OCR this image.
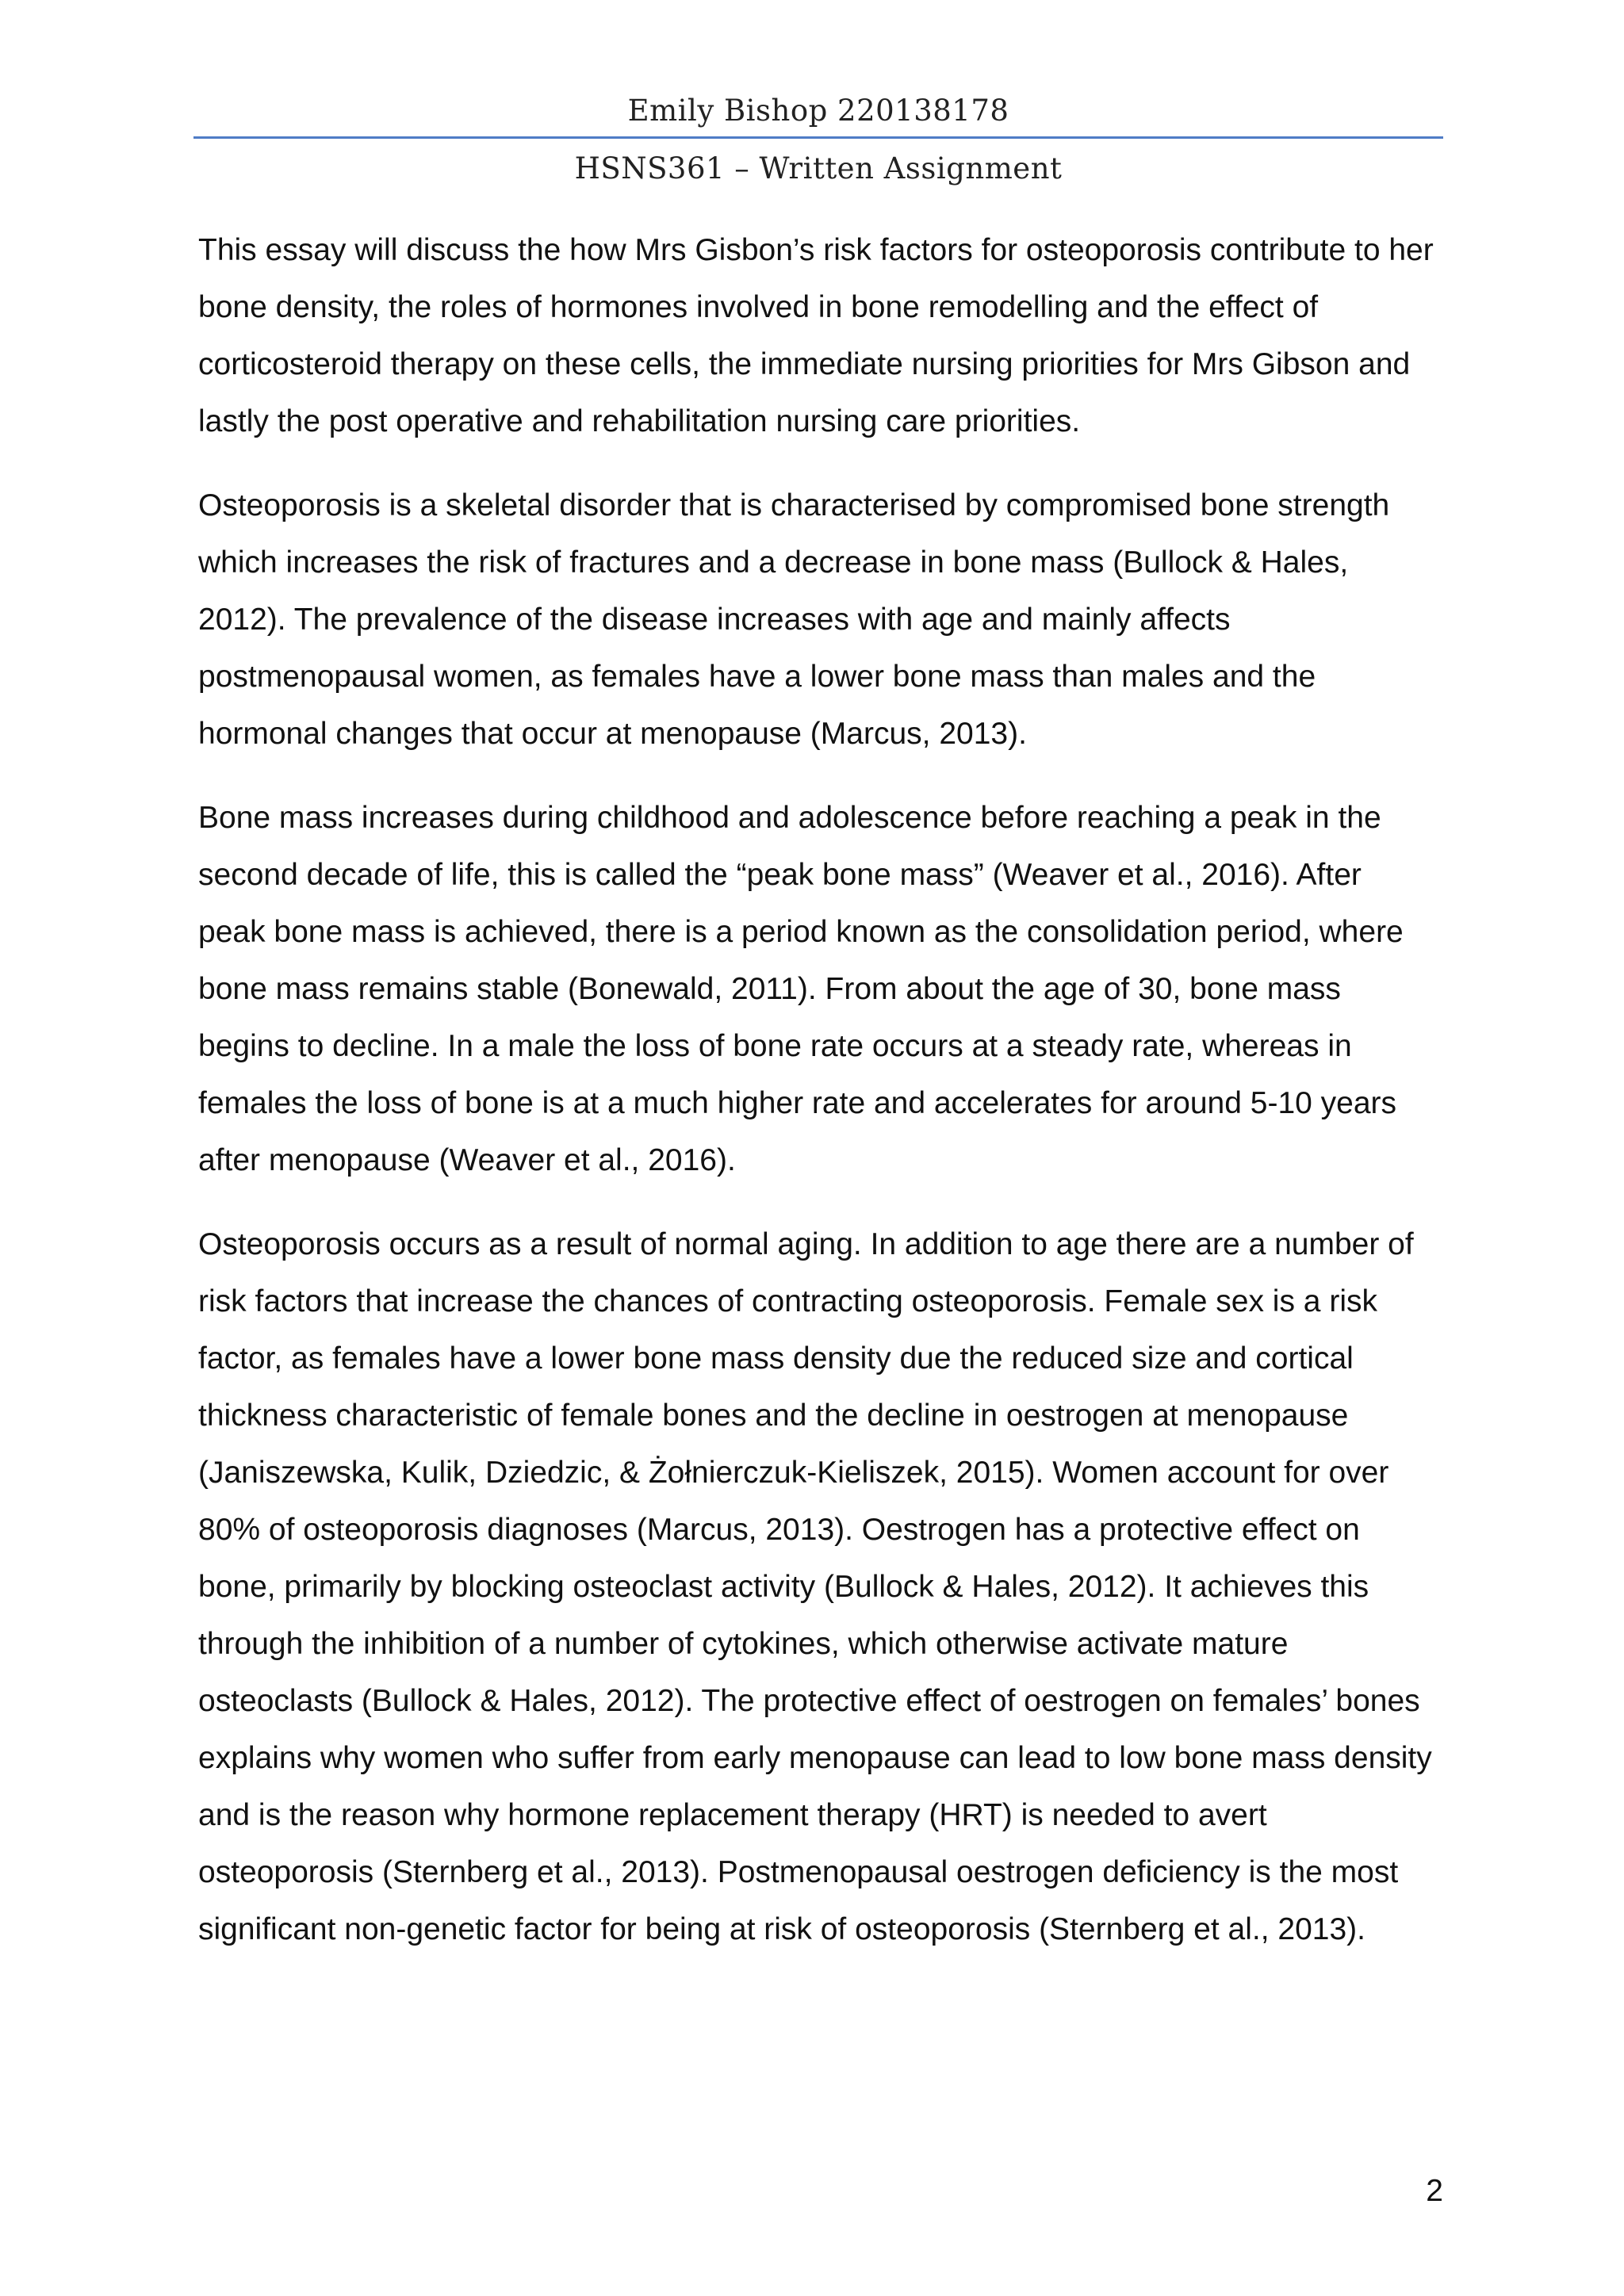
Emily Bishop 220138178
HSNS361 – Written Assignment

This essay will discuss the how Mrs Gisbon’s risk factors for osteoporosis contribute to her bone density, the roles of hormones involved in bone remodelling and the effect of corticosteroid therapy on these cells, the immediate nursing priorities for Mrs Gibson and lastly the post operative and rehabilitation nursing care priorities.

Osteoporosis is a skeletal disorder that is characterised by compromised bone strength which increases the risk of fractures and a decrease in bone mass (Bullock & Hales, 2012). The prevalence of the disease increases with age and mainly affects postmenopausal women, as females have a lower bone mass than males and the hormonal changes that occur at menopause (Marcus, 2013).

Bone mass increases during childhood and adolescence before reaching a peak in the second decade of life, this is called the “peak bone mass” (Weaver et al., 2016). After peak bone mass is achieved, there is a period known as the consolidation period, where bone mass remains stable (Bonewald, 2011). From about the age of 30, bone mass begins to decline. In a male the loss of bone rate occurs at a steady rate, whereas in females the loss of bone is at a much higher rate and accelerates for around 5-10 years after menopause (Weaver et al., 2016).

Osteoporosis occurs as a result of normal aging. In addition to age there are a number of risk factors that increase the chances of contracting osteoporosis. Female sex is a risk factor, as females have a lower bone mass density due the reduced size and cortical thickness characteristic of female bones and the decline in oestrogen at menopause (Janiszewska, Kulik, Dziedzic, & Żołnierczuk-Kieliszek, 2015). Women account for over 80% of osteoporosis diagnoses (Marcus, 2013). Oestrogen has a protective effect on bone, primarily by blocking osteoclast activity (Bullock & Hales, 2012). It achieves this through the inhibition of a number of cytokines, which otherwise activate mature osteoclasts (Bullock & Hales, 2012). The protective effect of oestrogen on females’ bones explains why women who suffer from early menopause can lead to low bone mass density and is the reason why hormone replacement therapy (HRT) is needed to avert osteoporosis (Sternberg et al., 2013). Postmenopausal oestrogen deficiency is the most significant non-genetic factor for being at risk of osteoporosis (Sternberg et al., 2013).

2
